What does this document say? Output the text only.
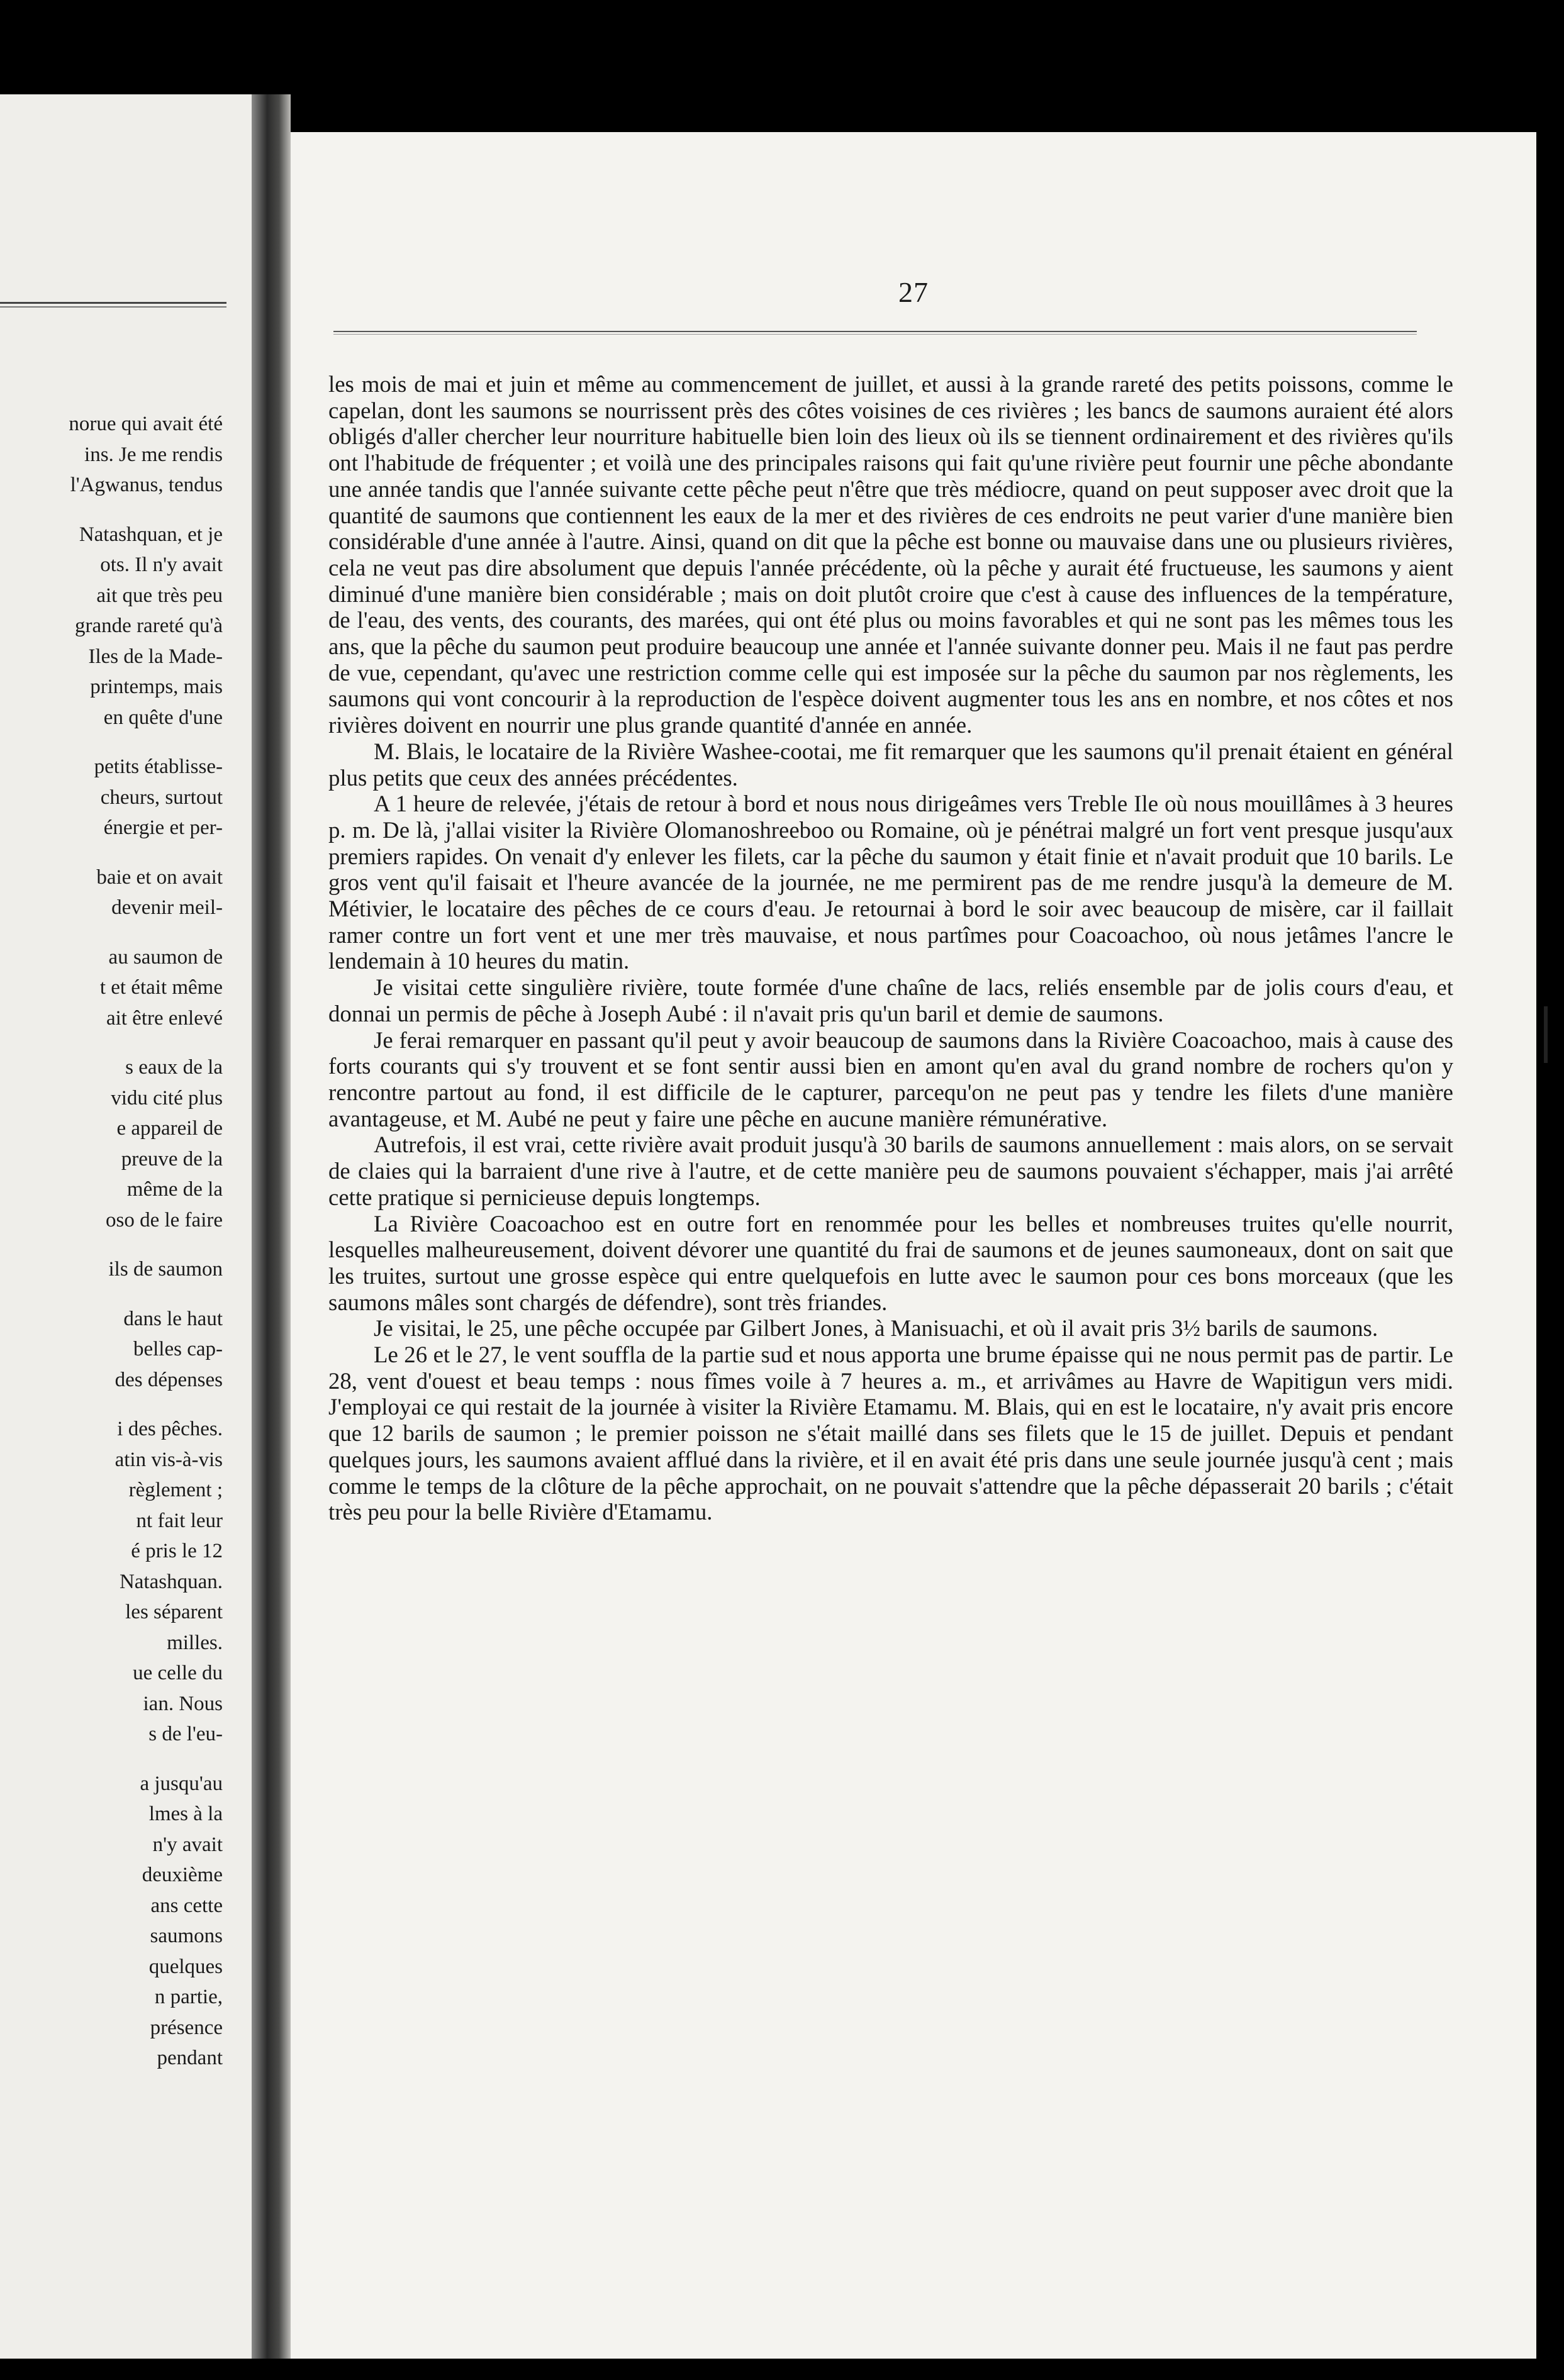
norue qui avait été
ins. Je me rendis
l'Agwanus, tendus
Natashquan, et je
ots. Il n'y avait
ait que très peu
grande rareté qu'à
Iles de la Made-
printemps, mais
en quête d'une
petits établisse-
cheurs, surtout
énergie et per-
baie et on avait
devenir meil-
au saumon de
t et était même
ait être enlevé
s eaux de la
vidu cité plus
e appareil de
preuve de la
même de la
oso de le faire
ils de saumon
dans le haut
belles cap-
des dépenses
i des pêches.
atin vis-à-vis
règlement ;
nt fait leur
é pris le 12
Natashquan.
les séparent
milles.
ue celle du
ian. Nous
s de l'eu-
a jusqu'au
lmes à la
n'y avait
deuxième
ans cette
saumons
quelques
n partie,
présence
pendant
27

les mois de mai et juin et même au commencement de juillet, et aussi à la grande rareté des petits poissons, comme le capelan, dont les saumons se nourrissent près des côtes voisines de ces rivières ; les bancs de saumons auraient été alors obligés d'aller chercher leur nourriture habituelle bien loin des lieux où ils se tiennent ordinairement et des rivières qu'ils ont l'habitude de fréquenter ; et voilà une des principales raisons qui fait qu'une rivière peut fournir une pêche abondante une année tandis que l'année suivante cette pêche peut n'être que très médiocre, quand on peut supposer avec droit que la quantité de saumons que contiennent les eaux de la mer et des rivières de ces endroits ne peut varier d'une manière bien considérable d'une année à l'autre. Ainsi, quand on dit que la pêche est bonne ou mauvaise dans une ou plusieurs rivières, cela ne veut pas dire absolument que depuis l'année précédente, où la pêche y aurait été fructueuse, les saumons y aient diminué d'une manière bien considérable ; mais on doit plutôt croire que c'est à cause des influences de la température, de l'eau, des vents, des courants, des marées, qui ont été plus ou moins favorables et qui ne sont pas les mêmes tous les ans, que la pêche du saumon peut produire beaucoup une année et l'année suivante donner peu. Mais il ne faut pas perdre de vue, cependant, qu'avec une restriction comme celle qui est imposée sur la pêche du saumon par nos règlements, les saumons qui vont concourir à la reproduction de l'espèce doivent augmenter tous les ans en nombre, et nos côtes et nos rivières doivent en nourrir une plus grande quantité d'année en année.

M. Blais, le locataire de la Rivière Washee-cootai, me fit remarquer que les saumons qu'il prenait étaient en général plus petits que ceux des années précédentes.

A 1 heure de relevée, j'étais de retour à bord et nous nous dirigeâmes vers Treble Ile où nous mouillâmes à 3 heures p. m. De là, j'allai visiter la Rivière Olomanoshreeboo ou Romaine, où je pénétrai malgré un fort vent presque jusqu'aux premiers rapides. On venait d'y enlever les filets, car la pêche du saumon y était finie et n'avait produit que 10 barils. Le gros vent qu'il faisait et l'heure avancée de la journée, ne me permirent pas de me rendre jusqu'à la demeure de M. Métivier, le locataire des pêches de ce cours d'eau. Je retournai à bord le soir avec beaucoup de misère, car il faillait ramer contre un fort vent et une mer très mauvaise, et nous partîmes pour Coacoachoo, où nous jetâmes l'ancre le lendemain à 10 heures du matin.

Je visitai cette singulière rivière, toute formée d'une chaîne de lacs, reliés ensemble par de jolis cours d'eau, et donnai un permis de pêche à Joseph Aubé : il n'avait pris qu'un baril et demie de saumons.

Je ferai remarquer en passant qu'il peut y avoir beaucoup de saumons dans la Rivière Coacoachoo, mais à cause des forts courants qui s'y trouvent et se font sentir aussi bien en amont qu'en aval du grand nombre de rochers qu'on y rencontre partout au fond, il est difficile de le capturer, parcequ'on ne peut pas y tendre les filets d'une manière avantageuse, et M. Aubé ne peut y faire une pêche en aucune manière rémunérative.

Autrefois, il est vrai, cette rivière avait produit jusqu'à 30 barils de saumons annuellement : mais alors, on se servait de claies qui la barraient d'une rive à l'autre, et de cette manière peu de saumons pouvaient s'échapper, mais j'ai arrêté cette pratique si pernicieuse depuis longtemps.

La Rivière Coacoachoo est en outre fort en renommée pour les belles et nombreuses truites qu'elle nourrit, lesquelles malheureusement, doivent dévorer une quantité du frai de saumons et de jeunes saumoneaux, dont on sait que les truites, surtout une grosse espèce qui entre quelquefois en lutte avec le saumon pour ces bons morceaux (que les saumons mâles sont chargés de défendre), sont très friandes.

Je visitai, le 25, une pêche occupée par Gilbert Jones, à Manisuachi, et où il avait pris 3½ barils de saumons.

Le 26 et le 27, le vent souffla de la partie sud et nous apporta une brume épaisse qui ne nous permit pas de partir. Le 28, vent d'ouest et beau temps : nous fîmes voile à 7 heures a. m., et arrivâmes au Havre de Wapitigun vers midi. J'employai ce qui restait de la journée à visiter la Rivière Etamamu. M. Blais, qui en est le locataire, n'y avait pris encore que 12 barils de saumon ; le premier poisson ne s'était maillé dans ses filets que le 15 de juillet. Depuis et pendant quelques jours, les saumons avaient afflué dans la rivière, et il en avait été pris dans une seule journée jusqu'à cent ; mais comme le temps de la clôture de la pêche approchait, on ne pouvait s'attendre que la pêche dépasserait 20 barils ; c'était très peu pour la belle Rivière d'Etamamu.
